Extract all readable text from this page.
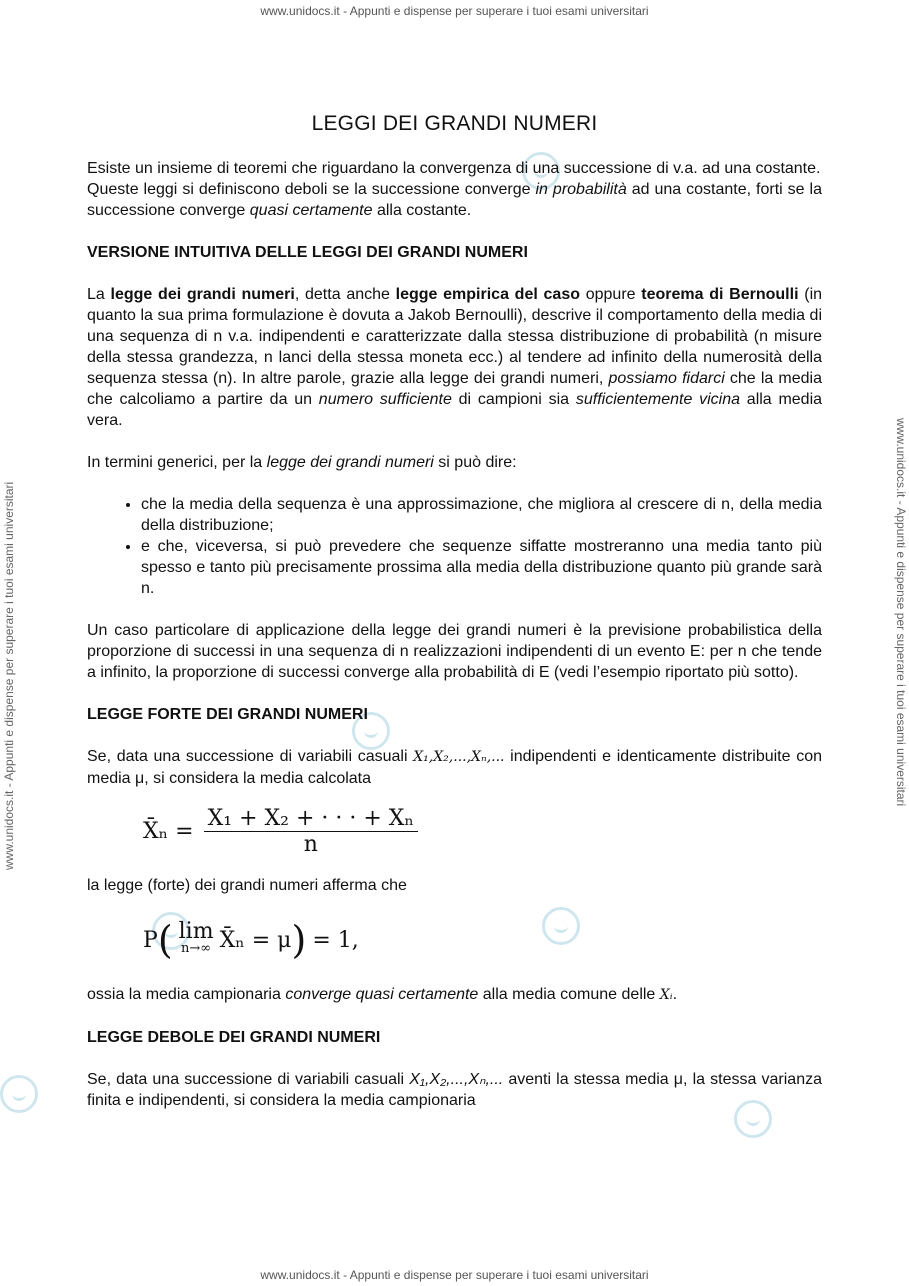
www.unidocs.it - Appunti e dispense per superare i tuoi esami universitari
www.unidocs.it - Appunti e dispense per superare i tuoi esami universitari
www.unidocs.it - Appunti e dispense per superare i tuoi esami universitari	www.unidocs.it - Appunti e dispense per superare i tuoi esami universitari
LEGGI DEI GRANDI NUMERI

Esiste un insieme di teoremi che riguardano la convergenza di una successione di v.a. ad una costante.

Queste leggi si definiscono deboli se la successione converge in probabilità ad una costante, forti se la successione converge quasi certamente alla costante.

VERSIONE INTUITIVA DELLE LEGGI DEI GRANDI NUMERI

La legge dei grandi numeri, detta anche legge empirica del caso oppure teorema di Bernoulli (in quanto la sua prima formulazione è dovuta a Jakob Bernoulli), descrive il comportamento della media di una sequenza di n v.a. indipendenti e caratterizzate dalla stessa distribuzione di probabilità (n misure della stessa grandezza, n lanci della stessa moneta ecc.) al tendere ad infinito della numerosità della sequenza stessa (n). In altre parole, grazie alla legge dei grandi numeri, possiamo fidarci che la media che calcoliamo a partire da un numero sufficiente di campioni sia sufficientemente vicina alla media vera.

In termini generici, per la legge dei grandi numeri si può dire:

• che la media della sequenza è una approssimazione, che migliora al crescere di n, della media della distribuzione;
• e che, viceversa, si può prevedere che sequenze siffatte mostreranno una media tanto più spesso e tanto più precisamente prossima alla media della distribuzione quanto più grande sarà n.

Un caso particolare di applicazione della legge dei grandi numeri è la previsione probabilistica della proporzione di successi in una sequenza di n realizzazioni indipendenti di un evento E: per n che tende a infinito, la proporzione di successi converge alla probabilità di E (vedi l’esempio riportato più sotto).

LEGGE FORTE DEI GRANDI NUMERI

Se, data una successione di variabili casuali X₁,X₂,...,Xₙ,... indipendenti e identicamente distribuite con media μ, si considera la media calcolata

X̄ₙ = $\frac{\text{X₁ + X₂ + · · · + Xₙ}}{n}$

la legge (forte) dei grandi numeri afferma che

P ( lim
n→∞ X̄ₙ = μ ) = 1,

ossia la media campionaria converge quasi certamente alla media comune delle Xᵢ.

LEGGE DEBOLE DEI GRANDI NUMERI

Se, data una successione di variabili casuali X₁,X₂,...,Xₙ,... aventi la stessa media μ, la stessa varianza finita e indipendenti, si considera la media campionaria
